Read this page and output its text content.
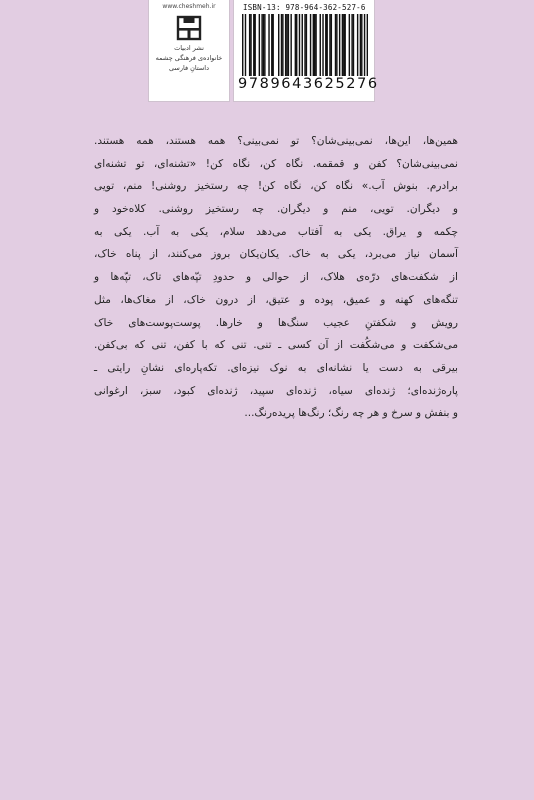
www.cheshmeh.ir
نشر ادبیات
خانواده‌ی فرهنگی چشمه
داستانِ فارسی
ISBN-13: 978-964-362-527-6
9789643625276
همین‌ها، این‌ها، نمی‌بینی‌شان؟ تو نمی‌بینی؟ همه هستند، همه هستند.
نمی‌بینی‌شان؟ کفن و قمقمه. نگاه کن، نگاه کن! «تشنه‌ای، تو تشنه‌ای
برادرم. بنوش آب.» نگاه کن، نگاه کن! چه رستخیز روشنی! منم، تویی
و دیگران. تویی، منم و دیگران. چه رستخیز روشنی. کلاه‌خود و
چکمه و یراق. یکی به آفتاب می‌دهد سلام، یکی به آب. یکی به
آسمان نیاز می‌برد، یکی به خاک. یکان‌یکان بروز می‌کنند، از پناه خاک،
از شکفت‌های درّه‌ی هلاک، از حوالی و حدودِ تپّه‌های تاک، تپّه‌ها و
تنگه‌های کهنه و عمیق، پوده و عتیق، از درون خاک، از مغاک‌ها، مثل
رویش و شکفتنِ عجیب سنگ‌ها و خارها. پوست‌پوست‌های خاک
می‌شکفت و می‌شکُفت از آن کسی ـ تنی. تنی که با کفن، تنی که بی‌کفن.
بیرقی به دست یا نشانه‌ای به نوک نیزه‌ای. تکه‌پاره‌ای نشانِ رایتی ـ
پاره‌ژنده‌ای؛ ژنده‌ای سیاه، ژنده‌ای سپید، ژنده‌ای کبود، سبز، ارغوانی
و بنفش و سرخ و هر چه رنگ؛ رنگ‌ها پریده‌رنگ...
